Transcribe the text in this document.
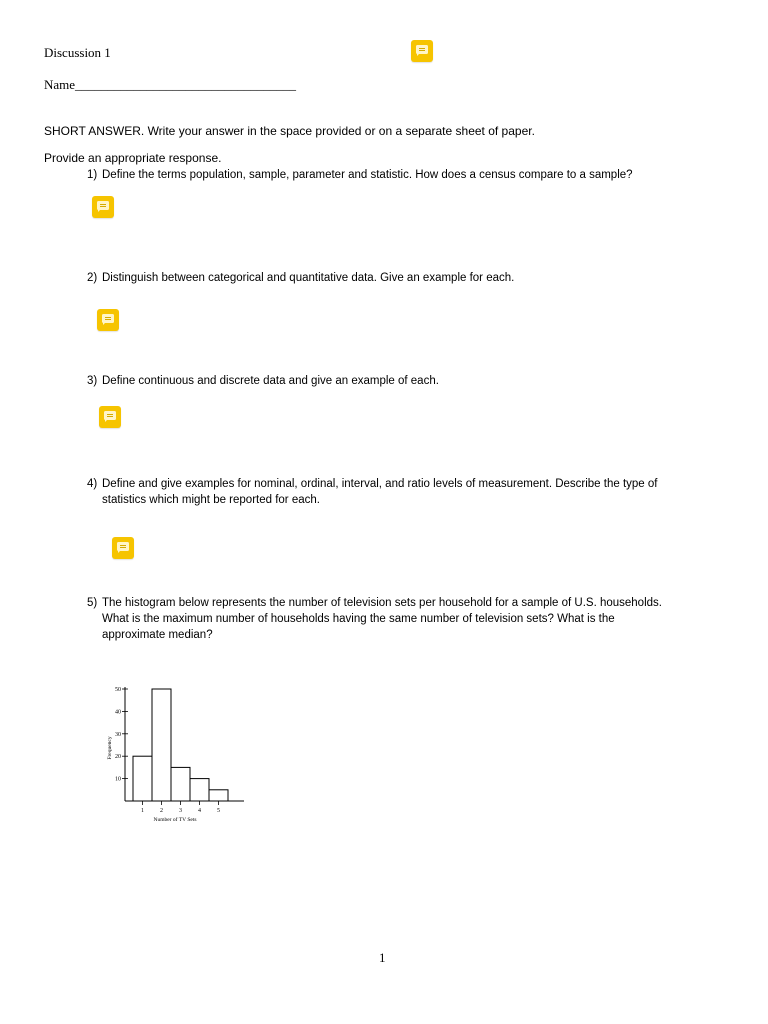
Discussion 1
Name__________________________________
SHORT ANSWER. Write your answer in the space provided or on a separate sheet of paper.
Provide an appropriate response.
1) Define the terms population, sample, parameter and statistic. How does a census compare to a sample?
2) Distinguish between categorical and quantitative data. Give an example for each.
3) Define continuous and discrete data and give an example of each.
4) Define and give examples for nominal, ordinal, interval, and ratio levels of measurement. Describe the type of
statistics which might be reported for each.
5) The histogram below represents the number of television sets per household for a sample of U.S. households.
What is the maximum number of households having the same number of television sets? What is the
approximate median?
10
20
30
40
50
1	2	3	4	5
Frequency
Number of TV Sets
1
